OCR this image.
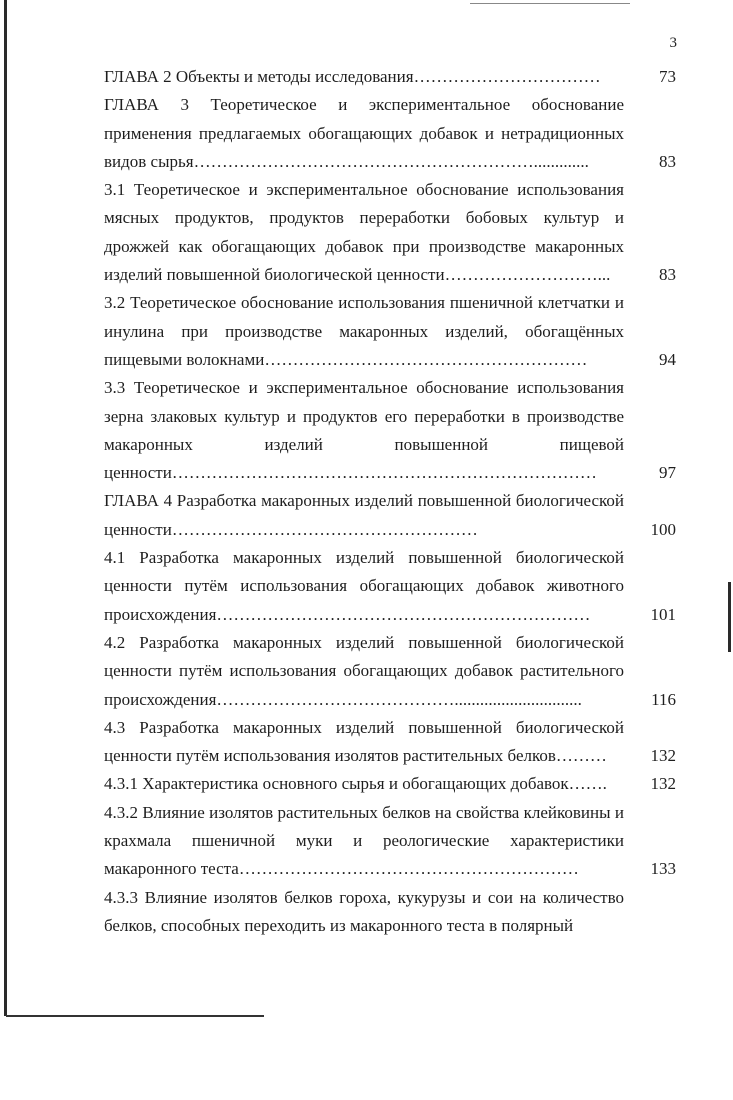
3
ГЛАВА 2 Объекты и методы исследования……………………………	73
ГЛАВА 3 Теоретическое и экспериментальное обоснование применения предлагаемых обогащающих добавок и нетрадиционных видов сырья…………………………………………………….............	83
3.1 Теоретическое и экспериментальное обоснование использования мясных продуктов, продуктов переработки бобовых культур и дрожжей как обогащающих добавок при производстве макаронных изделий повышенной биологической ценности………………………...	83
3.2 Теоретическое обоснование использования пшеничной клетчатки и инулина при производстве макаронных изделий, обогащённых пищевыми волокнами…………………………………………………	94
3.3 Теоретическое и экспериментальное обоснование использования зерна злаковых культур и продуктов его переработки в производстве макаронных изделий повышенной пищевой ценности…………………………………………………………………	97
ГЛАВА 4 Разработка макаронных изделий повышенной биологической ценности………………………………………………	100
4.1 Разработка макаронных изделий повышенной биологической ценности путём использования обогащающих добавок животного происхождения…………………………………………………………	101
4.2 Разработка макаронных изделий повышенной биологической ценности путём использования обогащающих добавок растительного происхождения……………………………………..............................	116
4.3 Разработка макаронных изделий повышенной биологической ценности путём использования изолятов растительных белков………	132
4.3.1 Характеристика основного сырья и обогащающих добавок…….	132
4.3.2 Влияние изолятов растительных белков на свойства клейковины и крахмала пшеничной муки и реологические характеристики макаронного теста……………………………………………………	133
4.3.3 Влияние изолятов белков гороха, кукурузы и сои на количество белков, способных переходить из макаронного теста в полярный
